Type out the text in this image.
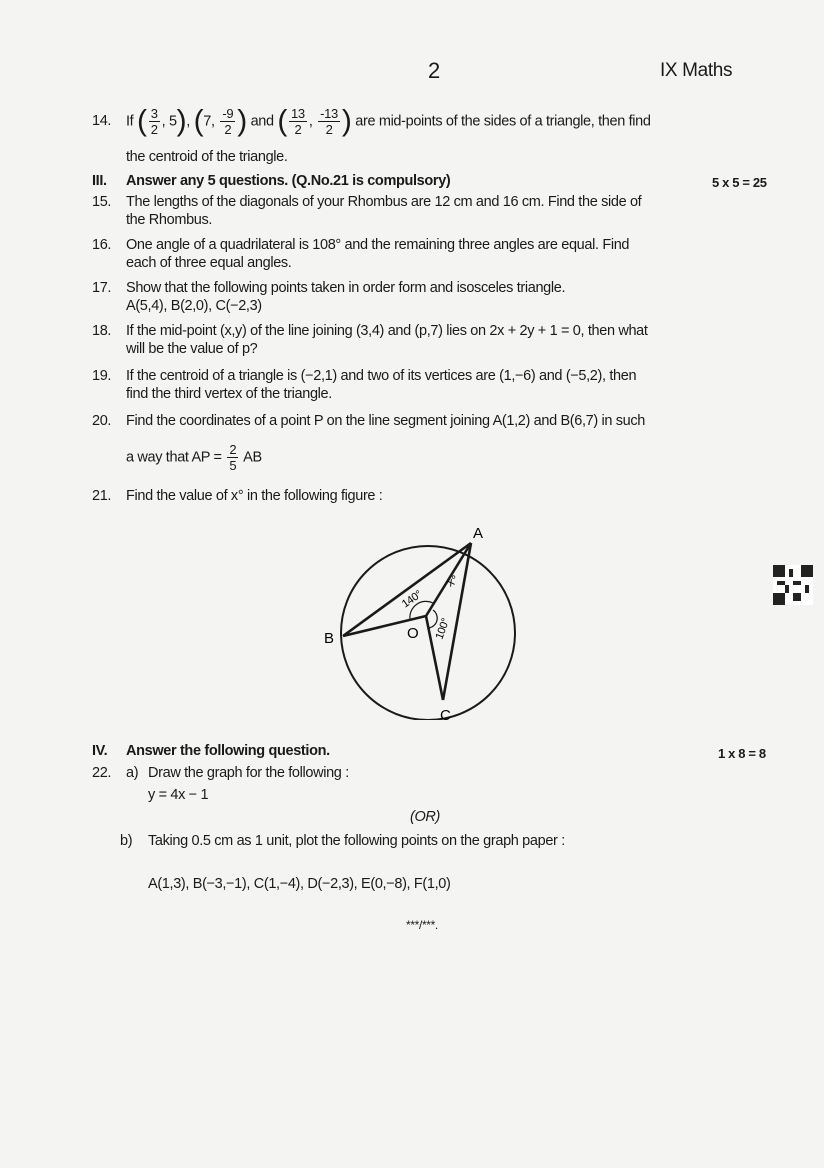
2	IX Maths
14. If ( $\frac{3}{2}$ , 5), (7, $\frac{-9}{2}$ ) and ( $\frac{13}{2}$ , $\frac{-13}{2}$ ) are mid-points of the sides of a triangle, then find
the centroid of the triangle.
III. Answer any 5 questions. (Q.No.21 is compulsory)	5 x 5 = 25
15. The lengths of the diagonals of your Rhombus are 12 cm and 16 cm. Find the side of
the Rhombus.
16. One angle of a quadrilateral is 108° and the remaining three angles are equal. Find
each of three equal angles.
17. Show that the following points taken in order form and isosceles triangle.
A(5,4), B(2,0), C(−2,3)
18. If the mid-point (x,y) of the line joining (3,4) and (p,7) lies on 2x + 2y + 1 = 0, then what
will be the value of p?
19. If the centroid of a triangle is (−2,1) and two of its vertices are (1,−6) and (−5,2), then
find the third vertex of the triangle.
20. Find the coordinates of a point P on the line segment joining A(1,2) and B(6,7) in such
a way that AP = $\frac{2}{5}$ AB
21. Find the value of x° in the following figure :
A
B
C
O
140°
100°
x°
IV. Answer the following question.	1 x 8 = 8
22. a) Draw the graph for the following :
y = 4x − 1
(OR)
b) Taking 0.5 cm as 1 unit, plot the following points on the graph paper :
A(1,3), B(−3,−1), C(1,−4), D(−2,3), E(0,−8), F(1,0)
***/***.
